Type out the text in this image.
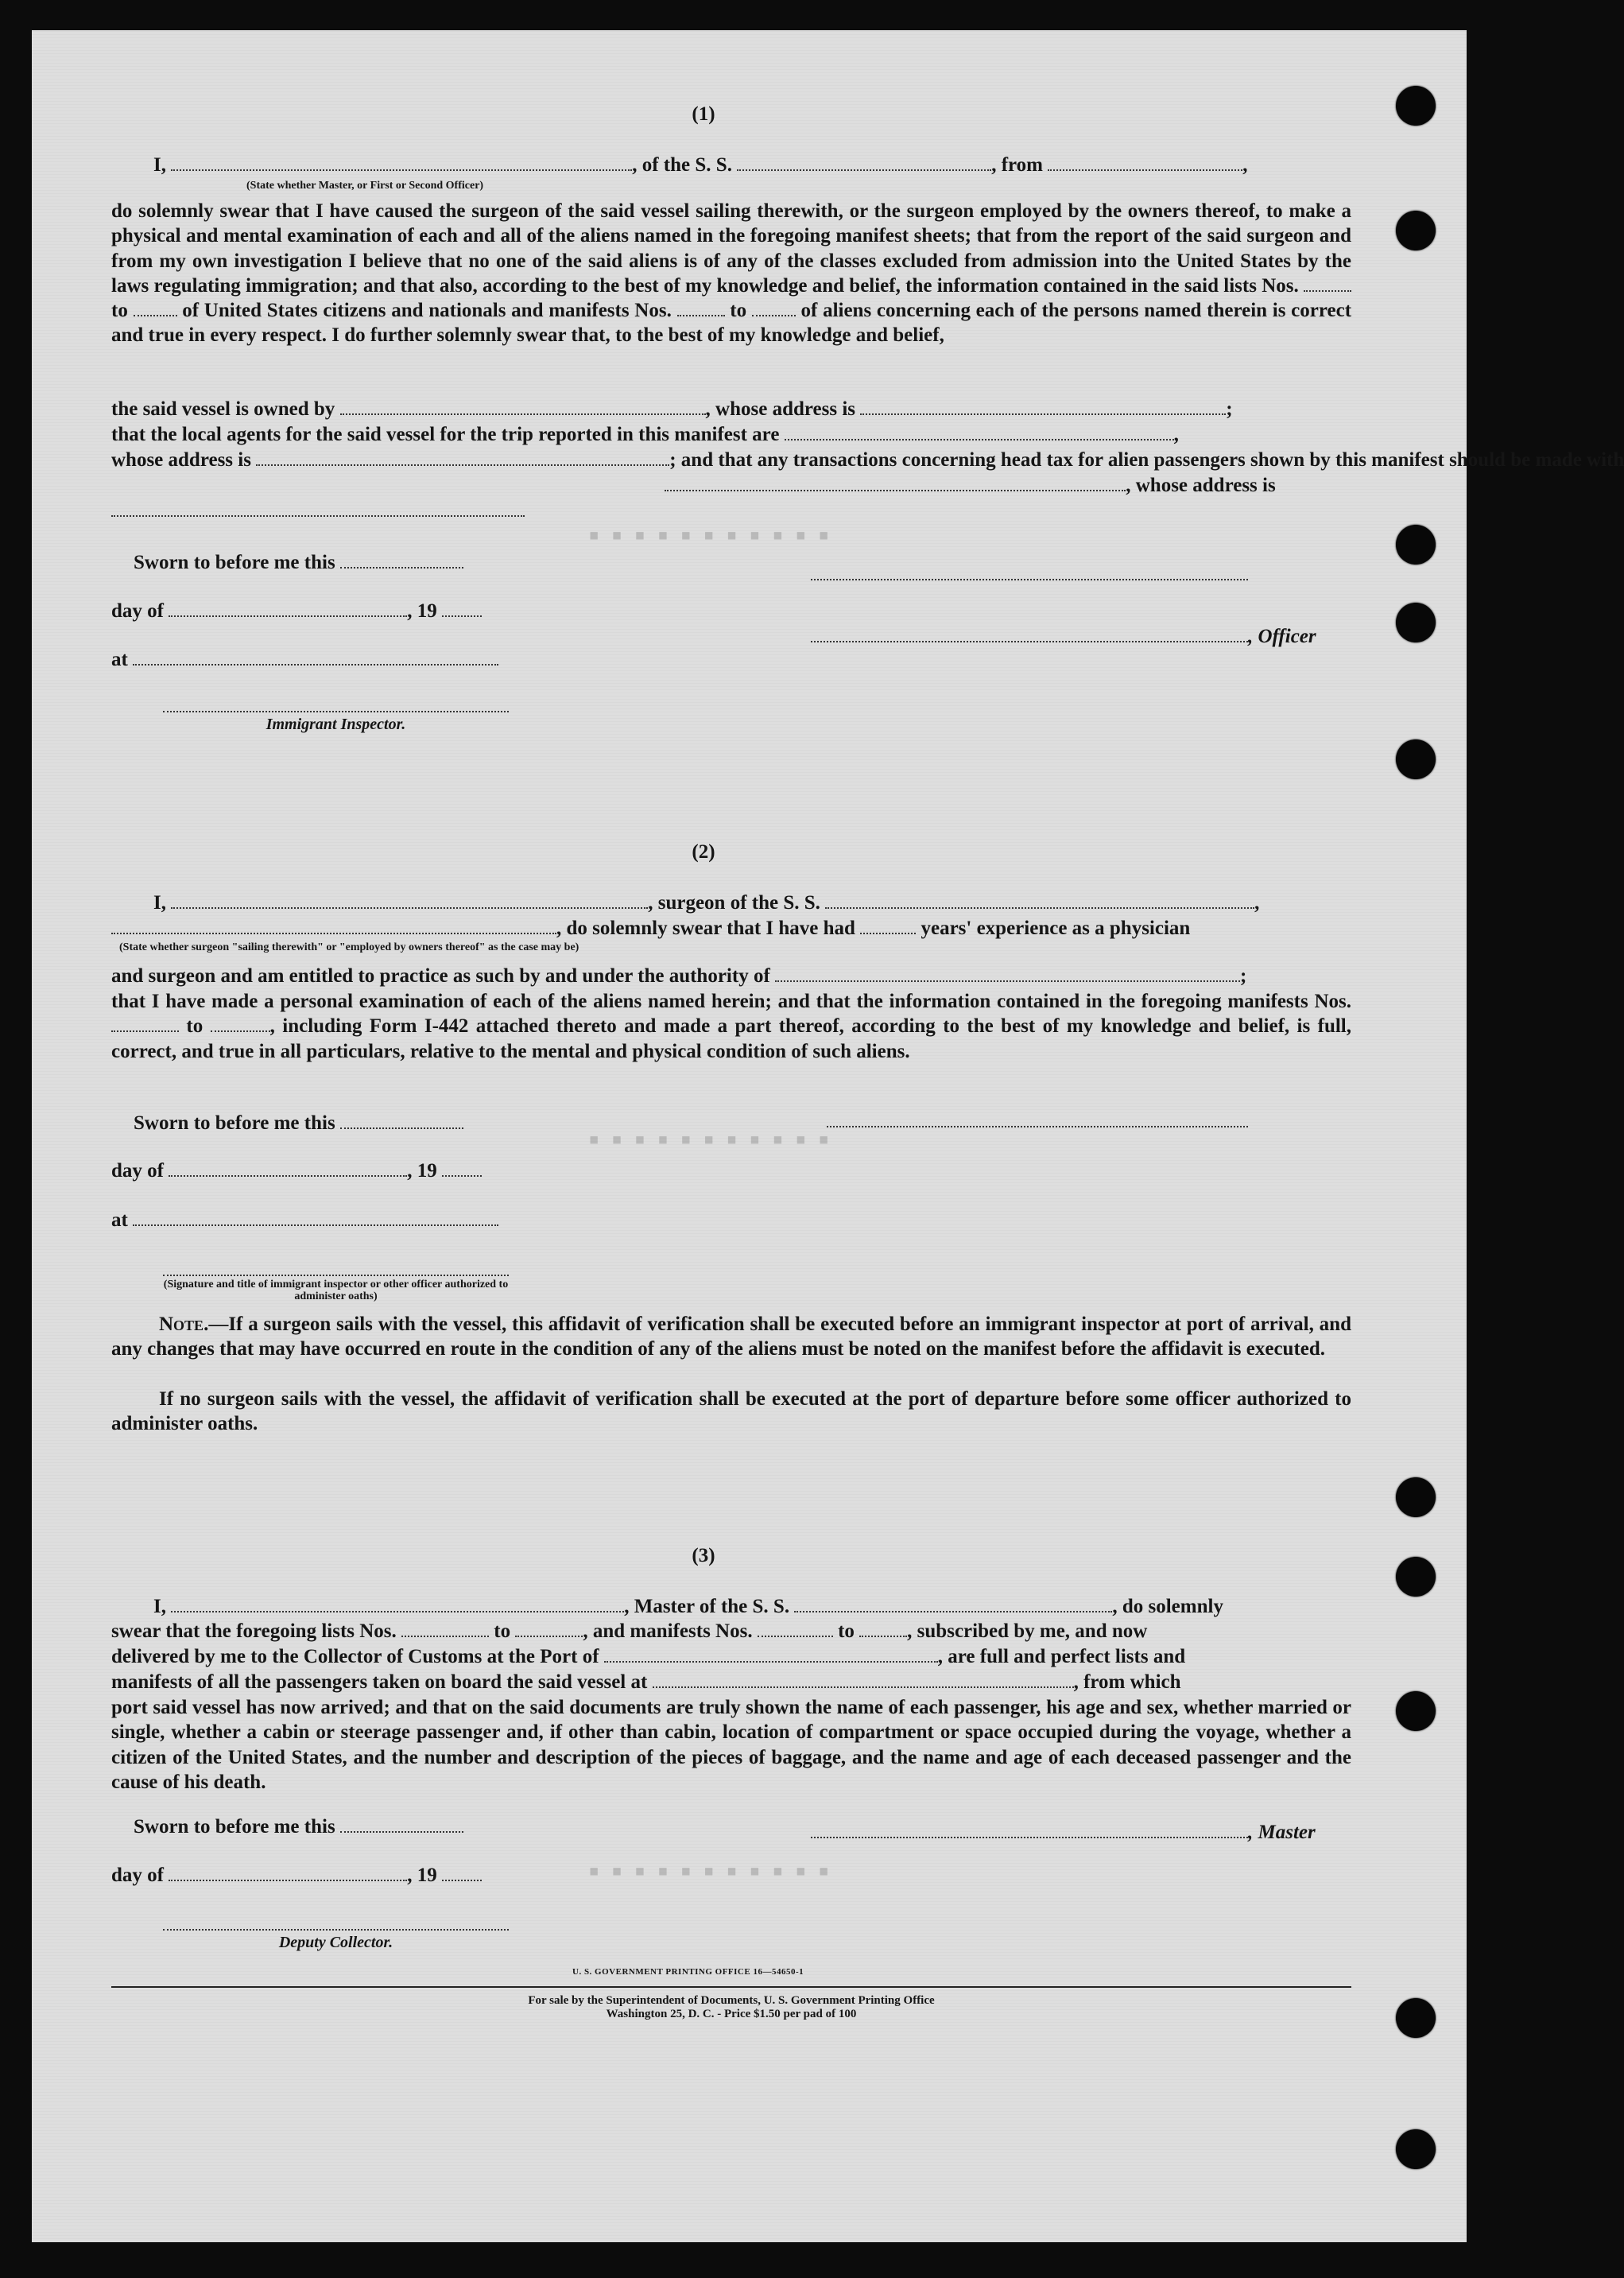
(1)
I,	, of the S. S.	, from	,
(State whether Master, or First or Second Officer)
do solemnly swear that I have caused the surgeon of the said vessel sailing therewith, or the surgeon employed by the owners thereof, to make a physical and mental examination of each and all of the aliens named in the foregoing manifest sheets; that from the report of the said surgeon and from my own investigation I believe that no one of the said aliens is of any of the classes excluded from admission into the United States by the laws regulating immigration; and that also, according to the best of my knowledge and belief, the information contained in the said lists Nos.  to	of United States citizens and nationals and manifests Nos.	to	of aliens concerning each of the persons named therein is correct and true in every respect. I do further solemnly swear that, to the best of my knowledge and belief,
the said vessel is owned by	, whose address is	;
that the local agents for the said vessel for the trip reported in this manifest are	,
whose address is	; and that any transactions concerning head tax for alien passengers shown by this manifest should be made with
, whose address is
Sworn to before me this
day of	, 19
at
, Officer
Immigrant Inspector.
(2)
I,	, surgeon of the S. S.	,
, do solemnly swear that I have had	years' experience as a physician
(State whether surgeon "sailing therewith" or "employed by owners thereof" as the case may be)
and surgeon and am entitled to practice as such by and under the authority of	;
that I have made a personal examination of each of the aliens named herein; and that the information contained in the foregoing manifests Nos.  to	, including Form I-442 attached thereto and made a part thereof, according to the best of my knowledge and belief, is full, correct, and true in all particulars, relative to the mental and physical condition of such aliens.
Sworn to before me this
day of	, 19
at
(Signature and title of immigrant inspector or other officer authorized to administer oaths)
Note.—If a surgeon sails with the vessel, this affidavit of verification shall be executed before an immigrant inspector at port of arrival, and any changes that may have occurred en route in the condition of any of the aliens must be noted on the manifest before the affidavit is executed.
If no surgeon sails with the vessel, the affidavit of verification shall be executed at the port of departure before some officer authorized to administer oaths.
(3)
I,	, Master of the S. S.	, do solemnly
swear that the foregoing lists Nos.	to	, and manifests Nos.	to	, subscribed by me, and now
delivered by me to the Collector of Customs at the Port of	, are full and perfect lists and
manifests of all the passengers taken on board the said vessel at	, from which
port said vessel has now arrived; and that on the said documents are truly shown the name of each passenger, his age and sex, whether married or single, whether a cabin or steerage passenger and, if other than cabin, location of compartment or space occupied during the voyage, whether a citizen of the United States, and the number and description of the pieces of baggage, and the name and age of each deceased passenger and the cause of his death.
Sworn to before me this
day of	, 19
, Master
Deputy Collector.
U. S. GOVERNMENT PRINTING OFFICE 16—54650-1
For sale by the Superintendent of Documents, U. S. Government Printing Office
Washington 25, D. C. - Price $1.50 per pad of 100
▪ ▪ ▪ ▪ ▪ ▪ ▪ ▪ ▪ ▪ ▪
▪ ▪ ▪ ▪ ▪ ▪ ▪ ▪ ▪ ▪ ▪
▪ ▪ ▪ ▪ ▪ ▪ ▪ ▪ ▪ ▪ ▪
